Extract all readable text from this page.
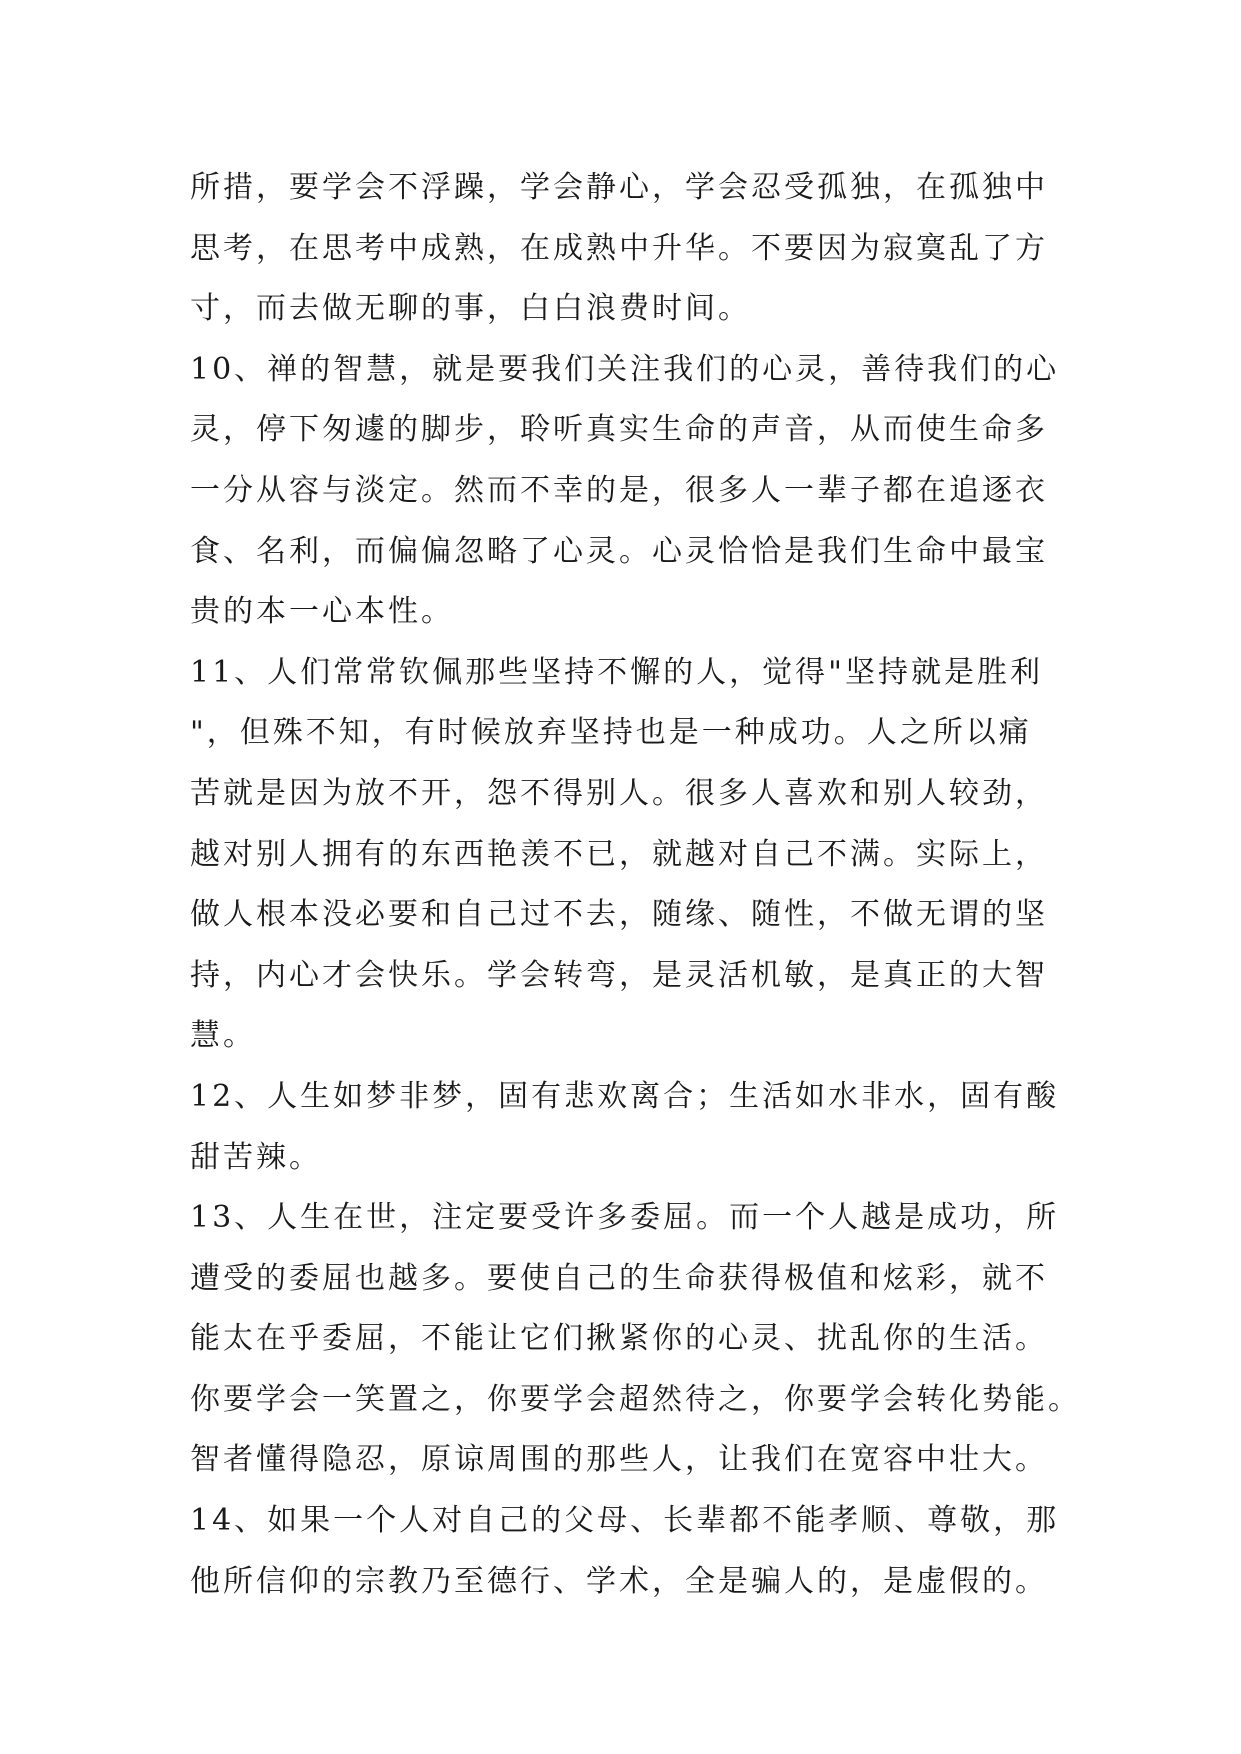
所措，要学会不浮躁，学会静心，学会忍受孤独，在孤独中
思考，在思考中成熟，在成熟中升华。不要因为寂寞乱了方
寸，而去做无聊的事，白白浪费时间。
10、禅的智慧，就是要我们关注我们的心灵，善待我们的心
灵，停下匆遽的脚步，聆听真实生命的声音，从而使生命多
一分从容与淡定。然而不幸的是，很多人一辈子都在追逐衣
食、名利，而偏偏忽略了心灵。心灵恰恰是我们生命中最宝
贵的本一心本性。
11、人们常常钦佩那些坚持不懈的人，觉得"坚持就是胜利
"，但殊不知，有时候放弃坚持也是一种成功。人之所以痛
苦就是因为放不开，怨不得别人。很多人喜欢和别人较劲，
越对别人拥有的东西艳羡不已，就越对自己不满。实际上，
做人根本没必要和自己过不去，随缘、随性，不做无谓的坚
持，内心才会快乐。学会转弯，是灵活机敏，是真正的大智
慧。
12、人生如梦非梦，固有悲欢离合；生活如水非水，固有酸
甜苦辣。
13、人生在世，注定要受许多委屈。而一个人越是成功，所
遭受的委屈也越多。要使自己的生命获得极值和炫彩，就不
能太在乎委屈，不能让它们揪紧你的心灵、扰乱你的生活。
你要学会一笑置之，你要学会超然待之，你要学会转化势能。
智者懂得隐忍，原谅周围的那些人，让我们在宽容中壮大。
14、如果一个人对自己的父母、长辈都不能孝顺、尊敬，那
他所信仰的宗教乃至德行、学术，全是骗人的，是虚假的。
